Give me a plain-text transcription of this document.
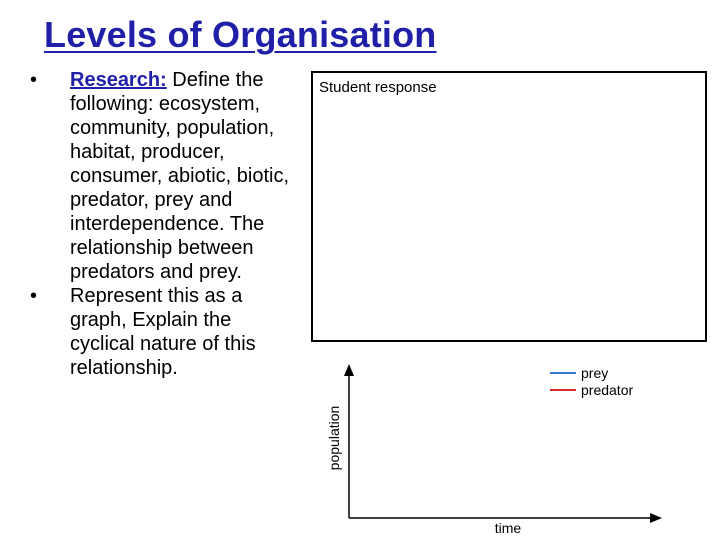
Levels of Organisation
•	Research: Define the following: ecosystem, community, population, habitat, producer, consumer, abiotic, biotic, predator, prey and interdependence. The relationship between predators and prey.
•	Represent this as a graph, Explain the cyclical nature of this relationship.
Student response
population
time
prey
predator
